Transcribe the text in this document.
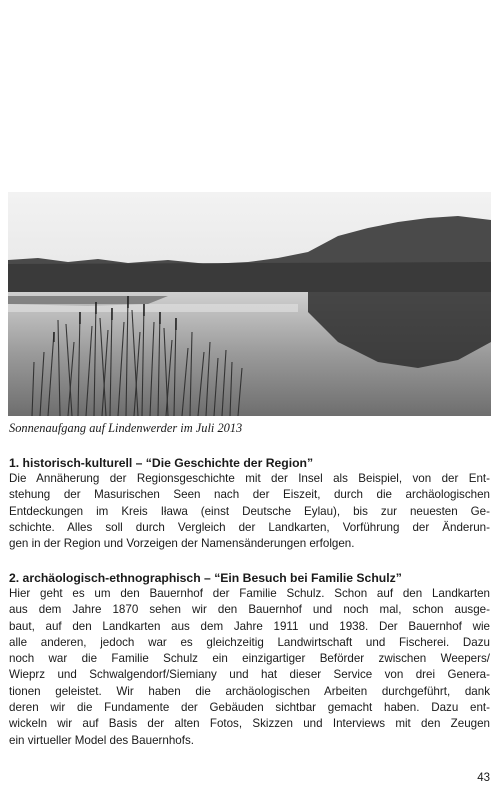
Sonnenaufgang auf Lindenwerder im Juli 2013

1. historisch-kulturell – “Die Geschichte der Region”

Die Annäherung der Regionsgeschichte mit der Insel als Beispiel, von der Ent-
stehung der Masurischen Seen nach der Eiszeit, durch die archäologischen
Entdeckungen im Kreis Iława (einst Deutsche Eylau), bis zur neuesten Ge-
schichte. Alles soll durch Vergleich der Landkarten, Vorführung der Änderun-
gen in der Region und Vorzeigen der Namensänderungen erfolgen.

2. archäologisch-ethnographisch – “Ein Besuch bei Familie Schulz”

Hier geht es um den Bauernhof der Familie Schulz. Schon auf den Landkarten
aus dem Jahre 1870 sehen wir den Bauernhof und noch mal, schon ausge-
baut, auf den Landkarten aus dem Jahre 1911 und 1938. Der Bauernhof wie
alle anderen, jedoch war es gleichzeitig Landwirtschaft und Fischerei. Dazu
noch war die Familie Schulz ein einzigartiger Beförder zwischen Weepers/
Wieprz und Schwalgendorf/Siemiany und hat dieser Service von drei Genera-
tionen geleistet. Wir haben die archäologischen Arbeiten durchgeführt, dank
deren wir die Fundamente der Gebäuden sichtbar gemacht haben. Dazu ent-
wickeln wir auf Basis der alten Fotos, Skizzen und Interviews mit den Zeugen
ein virtueller Model des Bauernhofs.
43
